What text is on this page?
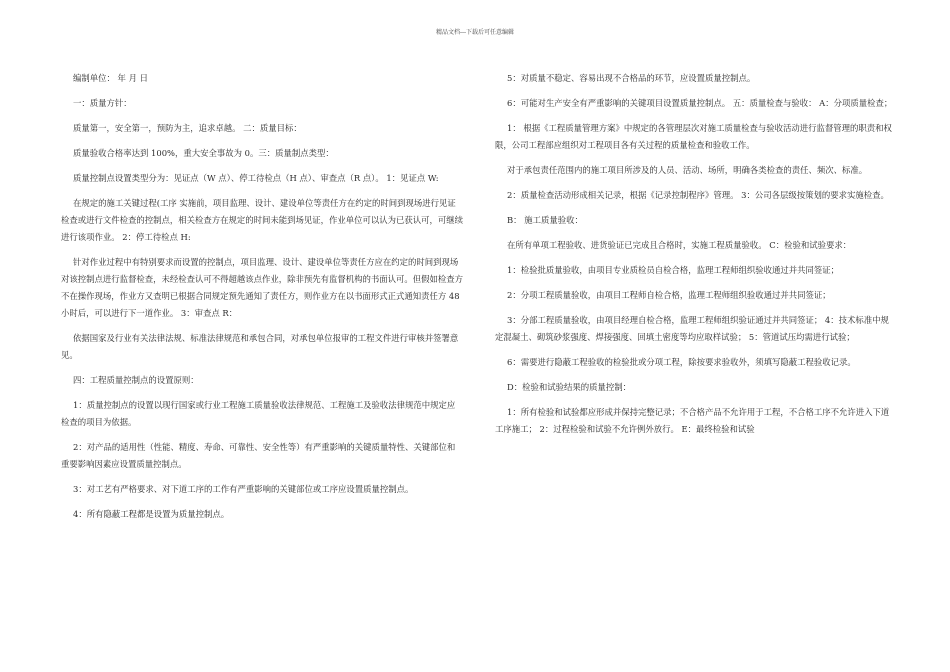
精品文档---下载后可任意编辑

编制单位： 年 月 日

一：质量方针：

质量第一，安全第一，预防为主，追求卓越。 二：质量目标：

质量验收合格率达到 100%，重大安全事故为 0。三：质量制点类型：

质量控制点设置类型分为：见证点（W 点）、停工待检点（H 点）、审查点（R 点）。 1：见证点 W:

在规定的施工关键过程(工序 实施前，项目监理、设计、建设单位等责任方在约定的时间到现场进行见证检查或进行文件检查的控制点，相关检查方在规定的时间未能到场见证，作业单位可以认为已获认可，可继续进行该项作业。 2：停工待检点 H:

针对作业过程中有特别要求而设置的控制点，项目监理、设计、建设单位等责任方应在约定的时间到现场对该控制点进行监督检查，未经检查认可不得超越该点作业，除非预先有监督机构的书面认可。但假如检查方不在操作现场，作业方又查明已根据合同规定预先通知了责任方，则作业方在以书面形式正式通知责任方 48 小时后，可以进行下一道作业。 3：审查点 R：

依据国家及行业有关法律法规、标准法律规范和承包合同，对承包单位报审的工程文件进行审核并签署意见。

四：工程质量控制点的设置原则：

1：质量控制点的设置以现行国家或行业工程施工质量验收法律规范、工程施工及验收法律规范中规定应检查的项目为依据。

2：对产品的适用性（性能、精度、寿命、可靠性、安全性等）有严重影响的关键质量特性、关键部位和重要影响因素应设置质量控制点。

3：对工艺有严格要求、对下道工序的工作有严重影响的关键部位或工序应设置质量控制点。

4：所有隐蔽工程都是设置为质量控制点。

5：对质量不稳定、容易出现不合格品的环节，应设置质量控制点。

6：可能对生产安全有严重影响的关键项目设置质量控制点。 五：质量检查与验收： A：分项质量检查；

1： 根据《工程质量管理方案》中规定的各管理层次对施工质量检查与验收活动进行监督管理的职责和权限，公司工程部应组织对工程项目各有关过程的质量检查和验收工作。

对于承包责任范围内的施工项目所涉及的人员、活动、场所，明确各类检查的责任、频次、标准。

2：质量检查活动形成相关记录，根据《记录控制程序》管理。 3：公司各层级按策划的要求实施检查。

B： 施工质量验收：

在所有单项工程验收、进货验证已完成且合格时，实施工程质量验收。 C：检验和试验要求：

1：检验批质量验收，由项目专业质检员自检合格，监理工程师组织验收通过并共同签证；

2：分项工程质量验收，由项目工程师自检合格，监理工程师组织验收通过并共同签证；

3：分部工程质量验收，由项目经理自检合格，监理工程师组织验证通过并共同签证； 4：技术标准中规定混凝土、砌筑砂浆强度、焊接强度、回填土密度等均应取样试验； 5：管道试压均需进行试验；

6：需要进行隐蔽工程验收的检验批或分项工程，除按要求验收外，须填写隐蔽工程验收记录。

D：检验和试验结果的质量控制：

1：所有检验和试验都应形成并保持完整记录；不合格产品不允许用于工程，不合格工序不允许进入下道工序施工； 2：过程检验和试验不允许例外放行。 E：最终检验和试验
